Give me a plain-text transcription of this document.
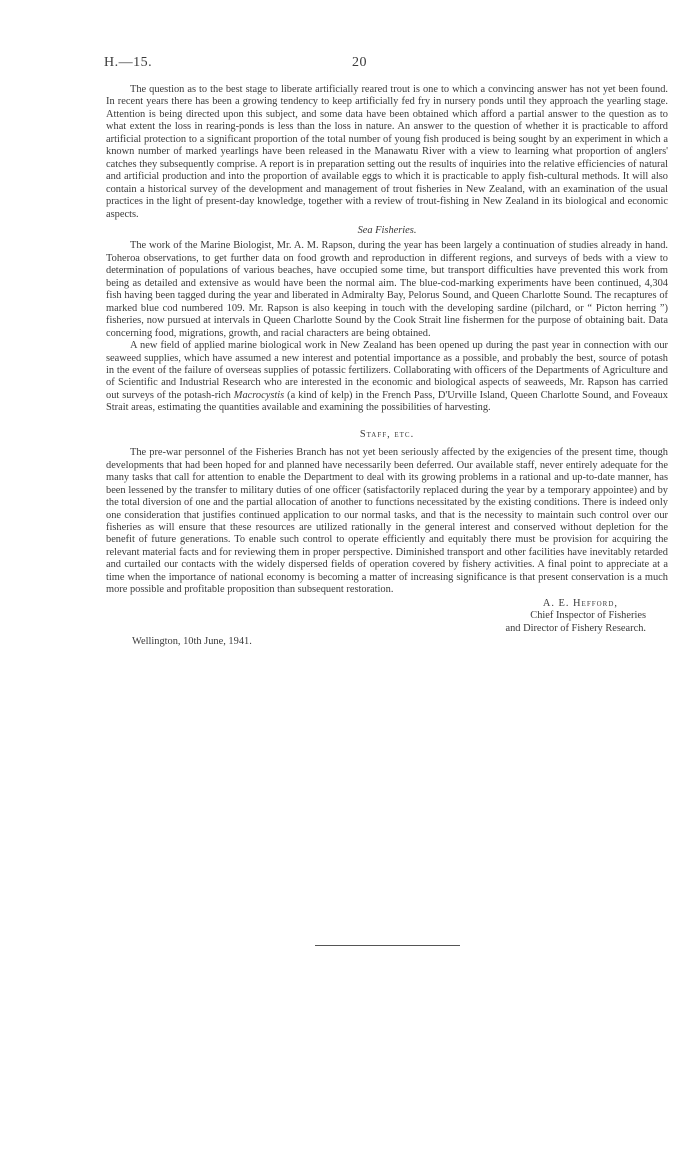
H.—15.	20

The question as to the best stage to liberate artificially reared trout is one to which a convincing answer has not yet been found. In recent years there has been a growing tendency to keep artificially fed fry in nursery ponds until they approach the yearling stage. Attention is being directed upon this subject, and some data have been obtained which afford a partial answer to the question as to what extent the loss in rearing-ponds is less than the loss in nature. An answer to the question of whether it is practicable to afford artificial protection to a significant proportion of the total number of young fish produced is being sought by an experiment in which a known number of marked yearlings have been released in the Manawatu River with a view to learning what proportion of anglers' catches they subsequently comprise. A report is in preparation setting out the results of inquiries into the relative efficiencies of natural and artificial production and into the proportion of available eggs to which it is practicable to apply fish-cultural methods. It will also contain a historical survey of the development and management of trout fisheries in New Zealand, with an examination of the usual practices in the light of present-day knowledge, together with a review of trout-fishing in New Zealand in its biological and economic aspects.

Sea Fisheries.

The work of the Marine Biologist, Mr. A. M. Rapson, during the year has been largely a continuation of studies already in hand. Toheroa observations, to get further data on food growth and reproduction in different regions, and surveys of beds with a view to determination of populations of various beaches, have occupied some time, but transport difficulties have prevented this work from being as detailed and extensive as would have been the normal aim. The blue-cod-marking experiments have been continued, 4,304 fish having been tagged during the year and liberated in Admiralty Bay, Pelorus Sound, and Queen Charlotte Sound. The recaptures of marked blue cod numbered 109. Mr. Rapson is also keeping in touch with the developing sardine (pilchard, or “ Picton herring ”) fisheries, now pursued at intervals in Queen Charlotte Sound by the Cook Strait line fishermen for the purpose of obtaining bait. Data concerning food, migrations, growth, and racial characters are being obtained.

A new field of applied marine biological work in New Zealand has been opened up during the past year in connection with our seaweed supplies, which have assumed a new interest and potential importance as a possible, and probably the best, source of potash in the event of the failure of overseas supplies of potassic fertilizers. Collaborating with officers of the Departments of Agriculture and of Scientific and Industrial Research who are interested in the economic and biological aspects of seaweeds, Mr. Rapson has carried out surveys of the potash-rich Macrocystis (a kind of kelp) in the French Pass, D'Urville Island, Queen Charlotte Sound, and Foveaux Strait areas, estimating the quantities available and examining the possibilities of harvesting.

Staff, etc.

The pre-war personnel of the Fisheries Branch has not yet been seriously affected by the exigencies of the present time, though developments that had been hoped for and planned have necessarily been deferred. Our available staff, never entirely adequate for the many tasks that call for attention to enable the Department to deal with its growing problems in a rational and up-to-date manner, has been lessened by the transfer to military duties of one officer (satisfactorily replaced during the year by a temporary appointee) and by the total diversion of one and the partial allocation of another to functions necessitated by the existing conditions. There is indeed only one consideration that justifies continued application to our normal tasks, and that is the necessity to maintain such control over our fisheries as will ensure that these resources are utilized rationally in the general interest and conserved without depletion for the benefit of future generations. To enable such control to operate efficiently and equitably there must be provision for acquiring the relevant material facts and for reviewing them in proper perspective. Diminished transport and other facilities have inevitably retarded and curtailed our contacts with the widely dispersed fields of operation covered by fishery activities. A final point to appreciate at a time when the importance of national economy is becoming a matter of increasing significance is that present conservation is a much more possible and profitable proposition than subsequent restoration.

A. E. Hefford,
Chief Inspector of Fisheries
and Director of Fishery Research.
Wellington, 10th June, 1941.
